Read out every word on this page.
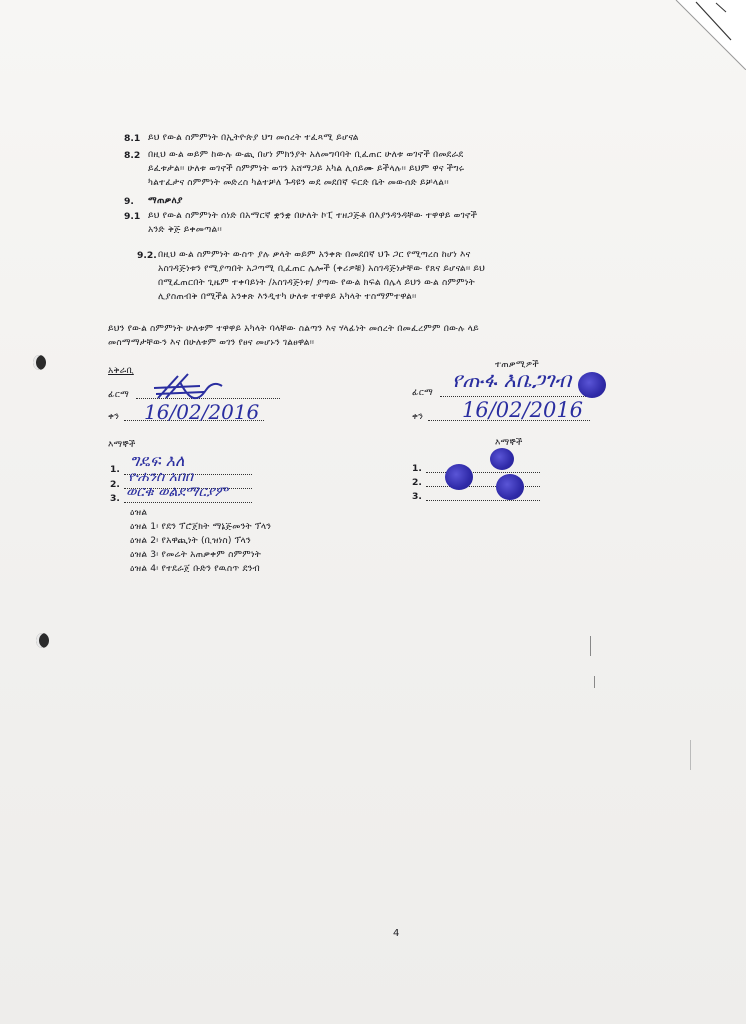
8.1 ይህ የውል ስምምነት በኢትዮጵያ ህግ መሰረት ተፈጻሚ ይሆናል
8.2 በዚህ ውል ወይም ከውሉ ውጪ በሆነ ምክንያት አለመግባባት ቢፈጠር ሁለቱ ወገኖች በመደራደ
ይፈቱታል፡፡ ሁለቱ ወገኖች ስምምነት ወገን አሸማጋይ አካል ሊሰይሙ ይችላሉ፡፡ ይህም ዋና ችግሩ
ካልተፈታና ስምምነት መድረስ ካልተቻለ ጉዳዩን ወደ መደበኛ ፍርድ ቤት መውሰድ ይቻላል፡፡
9. ማጠቃለያ
9.1 ይህ የውል ስምምነት ሰነድ በአማርኛ ቋንቋ በሁለት ኮፒ ተዘጋጅቶ በእያንዳንዳቸው ተዋዋይ ወገኖች
አንድ ቅጅ ይቀመጣል፡፡
9.2. በዚህ ውል ስምምነት ውስጥ ያሉ ቃላት ወይም አንቀጽ በመደበኛ ህጉ ጋር የሚጣረስ ከሆነ እና
አስገዳጅነቱን የሚያጣበት አጋጣሚ ቢፈጠር ሌሎች (ቀሪዎቹ) አስገዳጅነታቸው የጸና ይሆናል፡፡ ይህ
በሚፈጠርበት ጊዜም ተቀባይነት /አስገዳጅነቱ/ ያጣው የውል ክፍል በሌላ ይህን ውል ስምምነት
ሊያስጠብቅ በሚችል አንቀጽ እንዲተካ ሁለቱ ተዋዋይ አካላት ተስማምተዋል፡፡
ይህን የውል ስምምነት ሁለቱም ተዋዋይ አካላት ባላቸው ስልጣን እና ሃላፊነት መሰረት በመፈረምም በውሉ ላይ
መስማማታቸውን እና በሁለቱም ወገን የፀና መሆኑን ገልፀዋል፡፡
አቅራቢ
ፊርማ
ቀን 16/02/2016
እማኞች
1.
2.
3.
ግዴፍ እለ
ዮሐንስ አበበ
ወርቁ ወልደማርያም
ተጠቃሚዎች
ፊርማ
የጡፋ እቤጋገብ
ቀን 16/02/2016
እማኞች
1.
2.
3.
ዕዝል
ዕዝል 1፡ የደን ፕሮጀክት ማኔጅመንት ፕላን
ዕዝል 2፡ የአዋጪነት (ቢዝነስ) ፕላን
ዕዝል 3፡ የመሬት አጠቃቀም ስምምነት
ዕዝል 4፡ የተደራጀ ቡድን የዉስጥ ደንብ
4
